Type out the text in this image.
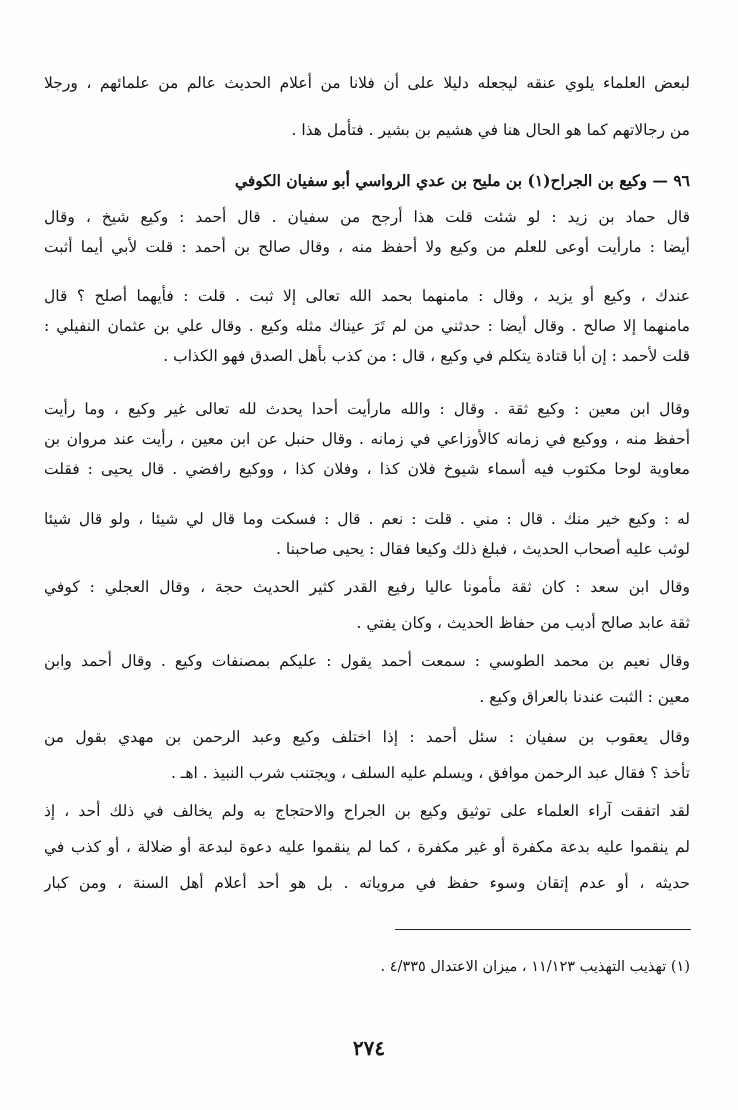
لبعض العلماء يلوي عنقه ليجعله دليلا على أن فلانا من أعلام الحديث عالم من علمائهم ، ورجلا
من رجالاتهم كما هو الحال هنا في هشيم بن بشير . فتأمل هذا .
٩٦ — وكيع بن الجراح(١) بن مليح بن عدي الرواسي أبو سفيان الكوفي
قال حماد بن زيد : لو شئت قلت هذا أرجح من سفيان . قال أحمد : وكيع شيخ ، وقال
أيضا : مارأيت أوعى للعلم من وكيع ولا أحفظ منه ، وقال صالح بن أحمد : قلت لأبي أيما أثبت
عندك ، وكيع أو يزيد ، وقال : مامنهما بحمد الله تعالى إلا ثبت . قلت : فأيهما أصلح ؟ قال
مامنهما إلا صالح . وقال أيضا : حدثني من لم تَرَ عيناك مثله وكيع . وقال علي بن عثمان النفيلي :
قلت لأحمد : إن أبا قتادة يتكلم في وكيع ، قال : من كذب بأهل الصدق فهو الكذاب .
وقال ابن معين : وكيع ثقة . وقال : والله مارأيت أحدا يحدث لله تعالى غير وكيع ، وما رأيت
أحفظ منه ، ووكيع في زمانه كالأوزاعي في زمانه . وقال حنبل عن ابن معين ، رأيت عند مروان بن
معاوية لوحا مكتوب فيه أسماء شيوخ فلان كذا ، وفلان كذا ، ووكيع رافضي . قال يحيى : فقلت
له : وكيع خير منك . قال : مني . قلت : نعم . قال : فسكت وما قال لي شيئا ، ولو قال شيئا
لوثب عليه أصحاب الحديث ، فبلغ ذلك وكيعا فقال : يحيى صاحبنا .
وقال ابن سعد : كان ثقة مأمونا عاليا رفيع القدر كثير الحديث حجة ، وقال العجلي : كوفي
ثقة عابد صالح أديب من حفاظ الحديث ، وكان يفتي .
وقال نعيم بن محمد الطوسي : سمعت أحمد يقول : عليكم بمصنفات وكيع . وقال أحمد وابن
معين : الثبت عندنا بالعراق وكيع .
وقال يعقوب بن سفيان : سئل أحمد : إذا اختلف وكيع وعبد الرحمن بن مهدي بقول من
تأخذ ؟ فقال عبد الرحمن موافق ، ويسلم عليه السلف ، ويجتنب شرب النبيذ . اهـ .
لقد اتفقت آراء العلماء على توثيق وكيع بن الجراح والاحتجاج به ولم يخالف في ذلك أحد ، إذ
لم ينقموا عليه بدعة مكفرة أو غير مكفرة ، كما لم ينقموا عليه دعوة لبدعة أو ضلالة ، أو كذب في
حديثه ، أو عدم إتقان وسوء حفظ في مروياته . بل هو أحد أعلام أهل السنة ، ومن كبار
(١) تهذيب التهذيب ١١/١٢٣ ، ميزان الاعتدال ٤/٣٣٥ .
٢٧٤
